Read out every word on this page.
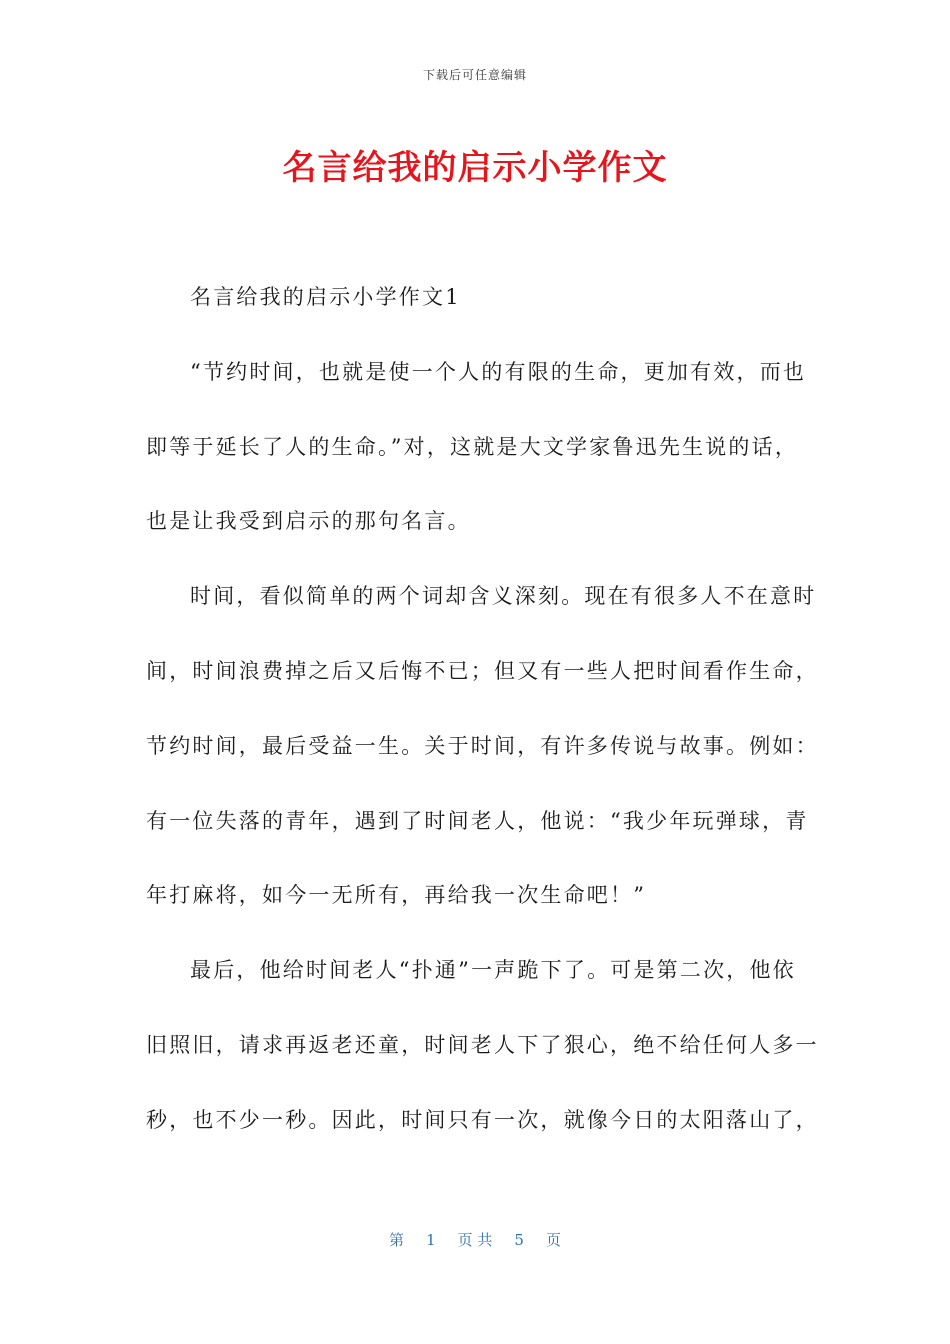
下载后可任意编辑
名言给我的启示小学作文
名言给我的启示小学作文1
“节约时间，也就是使一个人的有限的生命，更加有效，而也
即等于延长了人的生命。”对，这就是大文学家鲁迅先生说的话，
也是让我受到启示的那句名言。
时间，看似简单的两个词却含义深刻。现在有很多人不在意时
间，时间浪费掉之后又后悔不已；但又有一些人把时间看作生命，
节约时间，最后受益一生。关于时间，有许多传说与故事。例如：
有一位失落的青年，遇到了时间老人，他说：“我少年玩弹球，青
年打麻将，如今一无所有，再给我一次生命吧！”
最后，他给时间老人“扑通”一声跪下了。可是第二次，他依
旧照旧，请求再返老还童，时间老人下了狠心，绝不给任何人多一
秒，也不少一秒。因此，时间只有一次，就像今日的太阳落山了，
第 1 页 共 5 页
